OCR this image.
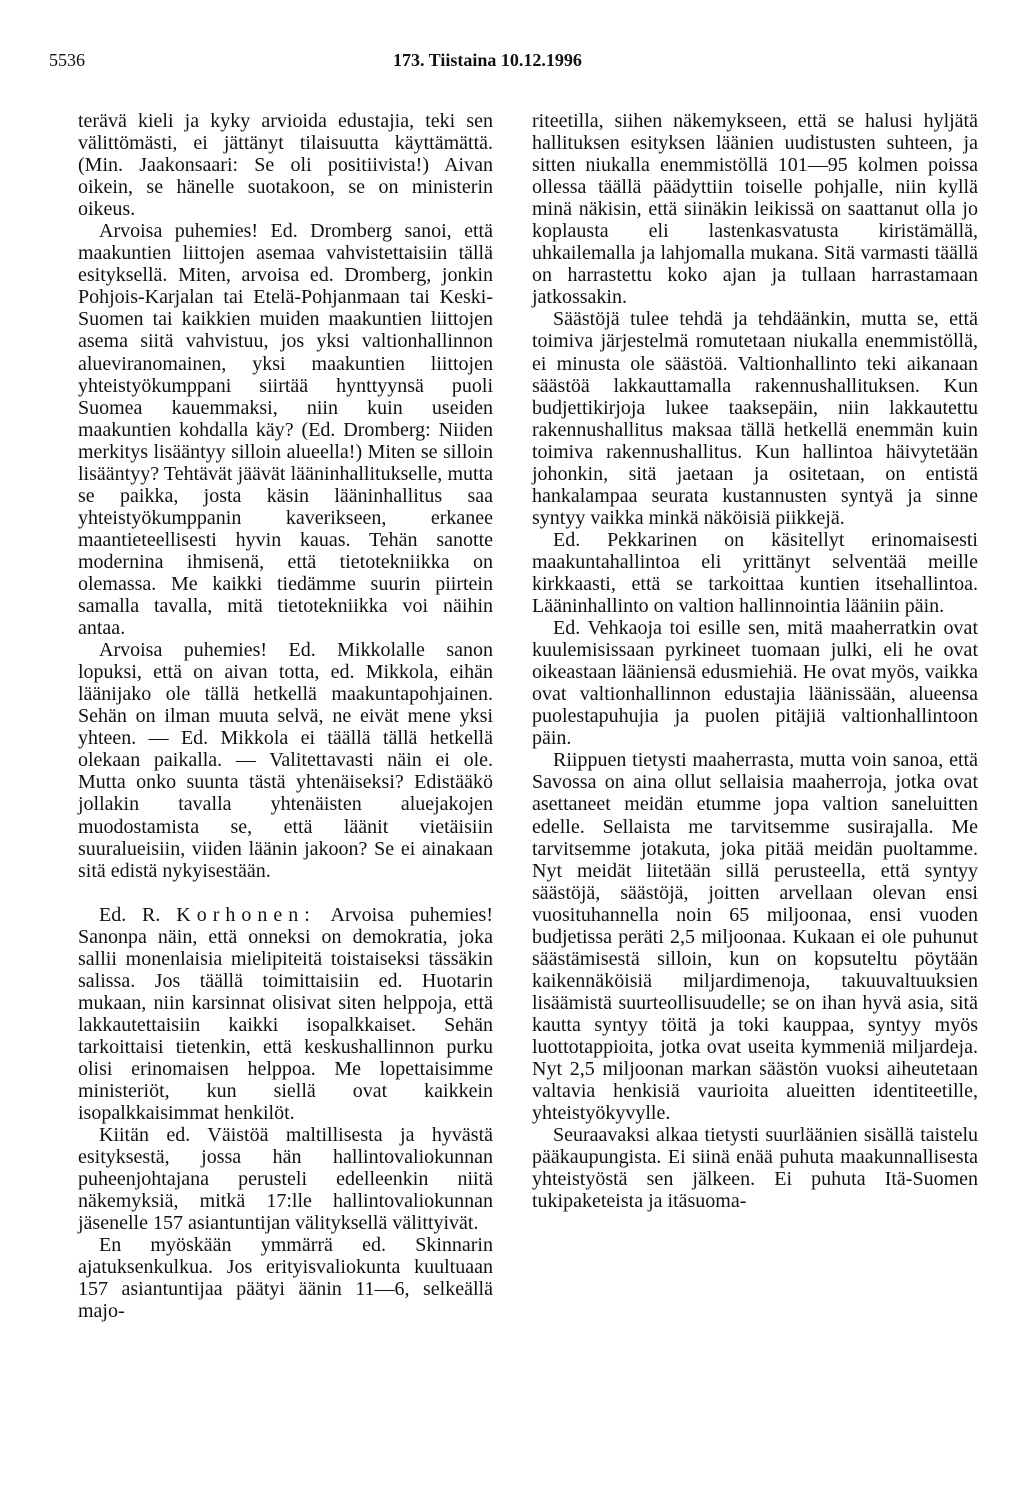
5536	173. Tiistaina 10.12.1996

terävä kieli ja kyky arvioida edustajia, teki sen välittömästi, ei jättänyt tilaisuutta käyttämättä. (Min. Jaakonsaari: Se oli positiivista!) Aivan oikein, se hänelle suotakoon, se on ministerin oikeus.

Arvoisa puhemies! Ed. Dromberg sanoi, että maakuntien liittojen asemaa vahvistettaisiin tällä esityksellä. Miten, arvoisa ed. Dromberg, jonkin Pohjois-Karjalan tai Etelä-Pohjanmaan tai Keski-Suomen tai kaikkien muiden maakuntien liittojen asema siitä vahvistuu, jos yksi valtionhallinnon alueviranomainen, yksi maakuntien liittojen yhteistyökumppani siirtää hynttyynsä puoli Suomea kauemmaksi, niin kuin useiden maakuntien kohdalla käy? (Ed. Dromberg: Niiden merkitys lisääntyy silloin alueella!) Miten se silloin lisääntyy? Tehtävät jäävät lääninhallitukselle, mutta se paikka, josta käsin lääninhallitus saa yhteistyökumppanin kaverikseen, erkanee maantieteellisesti hyvin kauas. Tehän sanotte modernina ihmisenä, että tietotekniikka on olemassa. Me kaikki tiedämme suurin piirtein samalla tavalla, mitä tietotekniikka voi näihin antaa.

Arvoisa puhemies! Ed. Mikkolalle sanon lopuksi, että on aivan totta, ed. Mikkola, eihän läänijako ole tällä hetkellä maakuntapohjainen. Sehän on ilman muuta selvä, ne eivät mene yksi yhteen. — Ed. Mikkola ei täällä tällä hetkellä olekaan paikalla. — Valitettavasti näin ei ole. Mutta onko suunta tästä yhtenäiseksi? Edistääkö jollakin tavalla yhtenäisten aluejakojen muodostamista se, että läänit vietäisiin suuralueisiin, viiden läänin jakoon? Se ei ainakaan sitä edistä nykyisestään.

Ed. R. Korhonen: Arvoisa puhemies! Sanonpa näin, että onneksi on demokratia, joka sallii monenlaisia mielipiteitä toistaiseksi tässäkin salissa. Jos täällä toimittaisiin ed. Huotarin mukaan, niin karsinnat olisivat siten helppoja, että lakkautettaisiin kaikki isopalkkaiset. Sehän tarkoittaisi tietenkin, että keskushallinnon purku olisi erinomaisen helppoa. Me lopettaisimme ministeriöt, kun siellä ovat kaikkein isopalkkaisimmat henkilöt.

Kiitän ed. Väistöä maltillisesta ja hyvästä esityksestä, jossa hän hallintovaliokunnan puheenjohtajana perusteli edelleenkin niitä näkemyksiä, mitkä 17:lle hallintovaliokunnan jäsenelle 157 asiantuntijan välityksellä välittyivät.

En myöskään ymmärrä ed. Skinnarin ajatuksenkulkua. Jos erityisvaliokunta kuultuaan 157 asiantuntijaa päätyi äänin 11—6, selkeällä majo-

riteetilla, siihen näkemykseen, että se halusi hyljätä hallituksen esityksen läänien uudistusten suhteen, ja sitten niukalla enemmistöllä 101—95 kolmen poissa ollessa täällä päädyttiin toiselle pohjalle, niin kyllä minä näkisin, että siinäkin leikissä on saattanut olla jo koplausta eli lastenkasvatusta kiristämällä, uhkailemalla ja lahjomalla mukana. Sitä varmasti täällä on harrastettu koko ajan ja tullaan harrastamaan jatkossakin.

Säästöjä tulee tehdä ja tehdäänkin, mutta se, että toimiva järjestelmä romutetaan niukalla enemmistöllä, ei minusta ole säästöä. Valtionhallinto teki aikanaan säästöä lakkauttamalla rakennushallituksen. Kun budjettikirjoja lukee taaksepäin, niin lakkautettu rakennushallitus maksaa tällä hetkellä enemmän kuin toimiva rakennushallitus. Kun hallintoa häivytetään johonkin, sitä jaetaan ja ositetaan, on entistä hankalampaa seurata kustannusten syntyä ja sinne syntyy vaikka minkä näköisiä piikkejä.

Ed. Pekkarinen on käsitellyt erinomaisesti maakuntahallintoa eli yrittänyt selventää meille kirkkaasti, että se tarkoittaa kuntien itsehallintoa. Lääninhallinto on valtion hallinnointia lääniin päin.

Ed. Vehkaoja toi esille sen, mitä maaherratkin ovat kuulemisissaan pyrkineet tuomaan julki, eli he ovat oikeastaan lääniensä edusmiehiä. He ovat myös, vaikka ovat valtionhallinnon edustajia läänissään, alueensa puolestapuhujia ja puolen pitäjiä valtionhallintoon päin.

Riippuen tietysti maaherrasta, mutta voin sanoa, että Savossa on aina ollut sellaisia maaherroja, jotka ovat asettaneet meidän etumme jopa valtion saneluitten edelle. Sellaista me tarvitsemme susirajalla. Me tarvitsemme jotakuta, joka pitää meidän puoltamme. Nyt meidät liitetään sillä perusteella, että syntyy säästöjä, säästöjä, joitten arvellaan olevan ensi vuosituhannella noin 65 miljoonaa, ensi vuoden budjetissa peräti 2,5 miljoonaa. Kukaan ei ole puhunut säästämisestä silloin, kun on kopsuteltu pöytään kaikennäköisiä miljardimenoja, takuuvaltuuksien lisäämistä suurteollisuudelle; se on ihan hyvä asia, sitä kautta syntyy töitä ja toki kauppaa, syntyy myös luottotappioita, jotka ovat useita kymmeniä miljardeja. Nyt 2,5 miljoonan markan säästön vuoksi aiheutetaan valtavia henkisiä vaurioita alueitten identiteetille, yhteistyökyvylle.

Seuraavaksi alkaa tietysti suurläänien sisällä taistelu pääkaupungista. Ei siinä enää puhuta maakunnallisesta yhteistyöstä sen jälkeen. Ei puhuta Itä-Suomen tukipaketeista ja itäsuoma-
